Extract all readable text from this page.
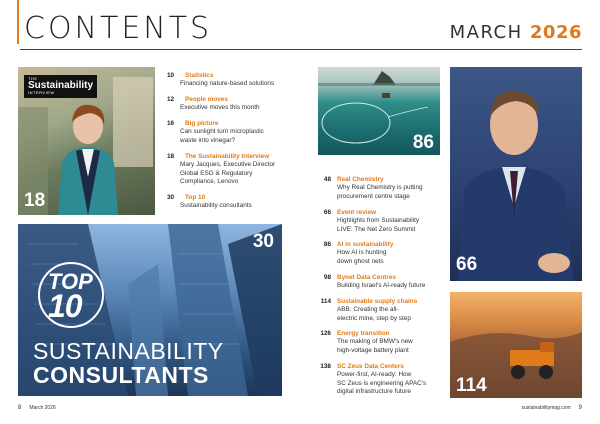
CONTENTS	MARCH 2026
THE
Sustainability
INTERVIEW
18
30
TOP
10
SUSTAINABILITY
CONSULTANTS
86
66
114
10	Statistics
Financing nature-based solutions
12	People moves
Executive moves this month
16	Big picture
Can sunlight turn microplastic
waste into vinegar?
18	The Sustainability Interview
Mary Jacques, Executive Director
Global ESG & Regulatory
Compliance, Lenovo
30	Top 10
Sustainability consultants
48 Real Chemistry
Why Real Chemistry is putting
procurement centre stage
66 Event review
Highlights from Sustainability
LIVE: The Net Zero Summit
86 AI in sustainability
How AI is hunting
down ghost nets
98 Bynet Data Centres
Building Israel's AI-ready future
114 Sustainable supply chains
ABB: Creating the all-
electric mine, step by step
126 Energy transition
The making of BMW's new
high-voltage battery plant
138 SC Zeus Data Centers
Power-first, AI-ready: How
SC Zeus is engineering APAC's
digital infrastructure future
8 March 2026	sustainabilitymag.com 9
